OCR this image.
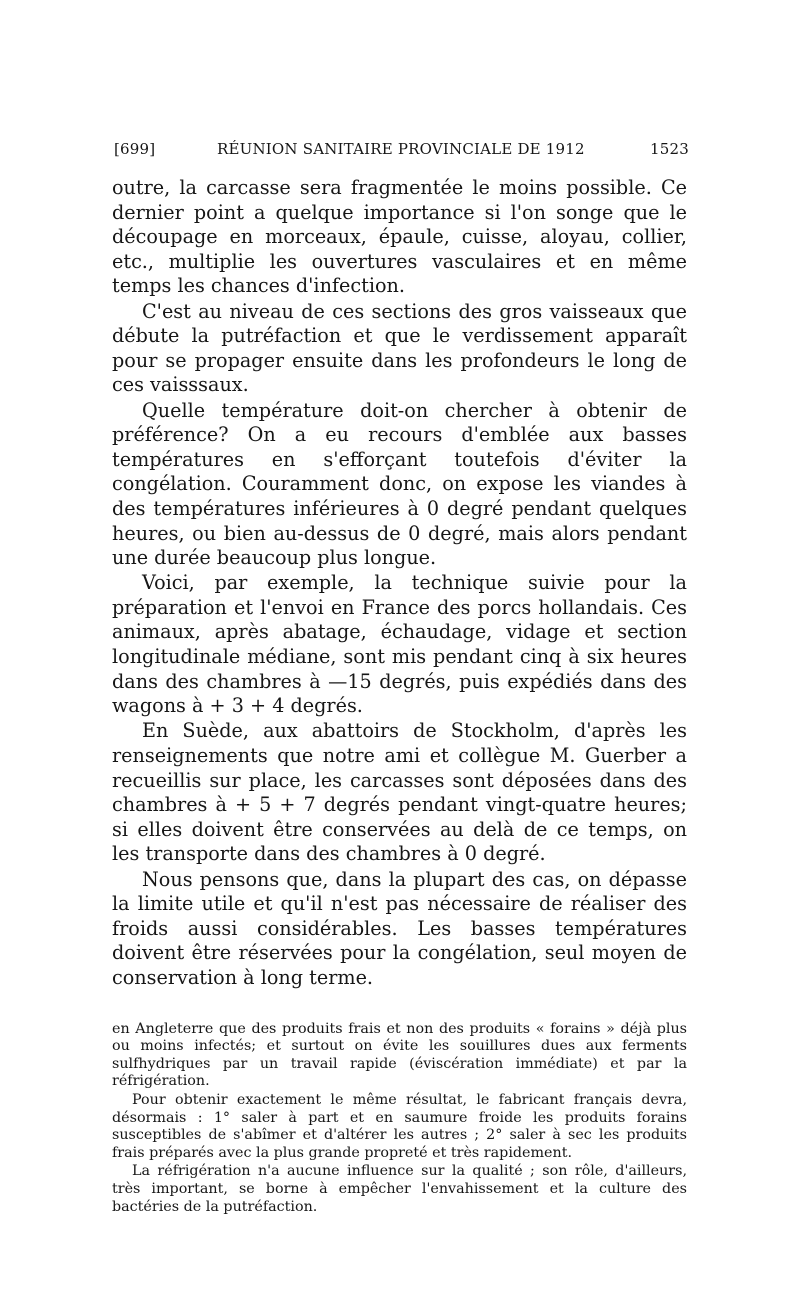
[699]	RÉUNION SANITAIRE PROVINCIALE DE 1912	1523

outre, la carcasse sera fragmentée le moins possible. Ce dernier point a quelque importance si l'on songe que le découpage en morceaux, épaule, cuisse, aloyau, collier, etc., multiplie les ouvertures vasculaires et en même temps les chances d'infection.

C'est au niveau de ces sections des gros vaisseaux que débute la putréfaction et que le verdissement apparaît pour se propager ensuite dans les profondeurs le long de ces vaisssaux.

Quelle température doit-on chercher à obtenir de préférence? On a eu recours d'emblée aux basses températures en s'efforçant toutefois d'éviter la congélation. Couramment donc, on expose les viandes à des températures inférieures à 0 degré pendant quelques heures, ou bien au-dessus de 0 degré, mais alors pendant une durée beaucoup plus longue.

Voici, par exemple, la technique suivie pour la préparation et l'envoi en France des porcs hollandais. Ces animaux, après abatage, échaudage, vidage et section longitudinale médiane, sont mis pendant cinq à six heures dans des chambres à —15 degrés, puis expédiés dans des wagons à + 3 + 4 degrés.

En Suède, aux abattoirs de Stockholm, d'après les renseignements que notre ami et collègue M. Guerber a recueillis sur place, les carcasses sont déposées dans des chambres à + 5 + 7 degrés pendant vingt-quatre heures; si elles doivent être conservées au delà de ce temps, on les transporte dans des chambres à 0 degré.

Nous pensons que, dans la plupart des cas, on dépasse la limite utile et qu'il n'est pas nécessaire de réaliser des froids aussi considérables. Les basses températures doivent être réservées pour la congélation, seul moyen de conservation à long terme.

en Angleterre que des produits frais et non des produits « forains » déjà plus ou moins infectés; et surtout on évite les souillures dues aux ferments sulfhydriques par un travail rapide (éviscération immédiate) et par la réfrigération.

Pour obtenir exactement le même résultat, le fabricant français devra, désormais : 1° saler à part et en saumure froide les produits forains susceptibles de s'abîmer et d'altérer les autres ; 2° saler à sec les produits frais préparés avec la plus grande propreté et très rapidement.

La réfrigération n'a aucune influence sur la qualité ; son rôle, d'ailleurs, très important, se borne à empêcher l'envahissement et la culture des bactéries de la putréfaction.
